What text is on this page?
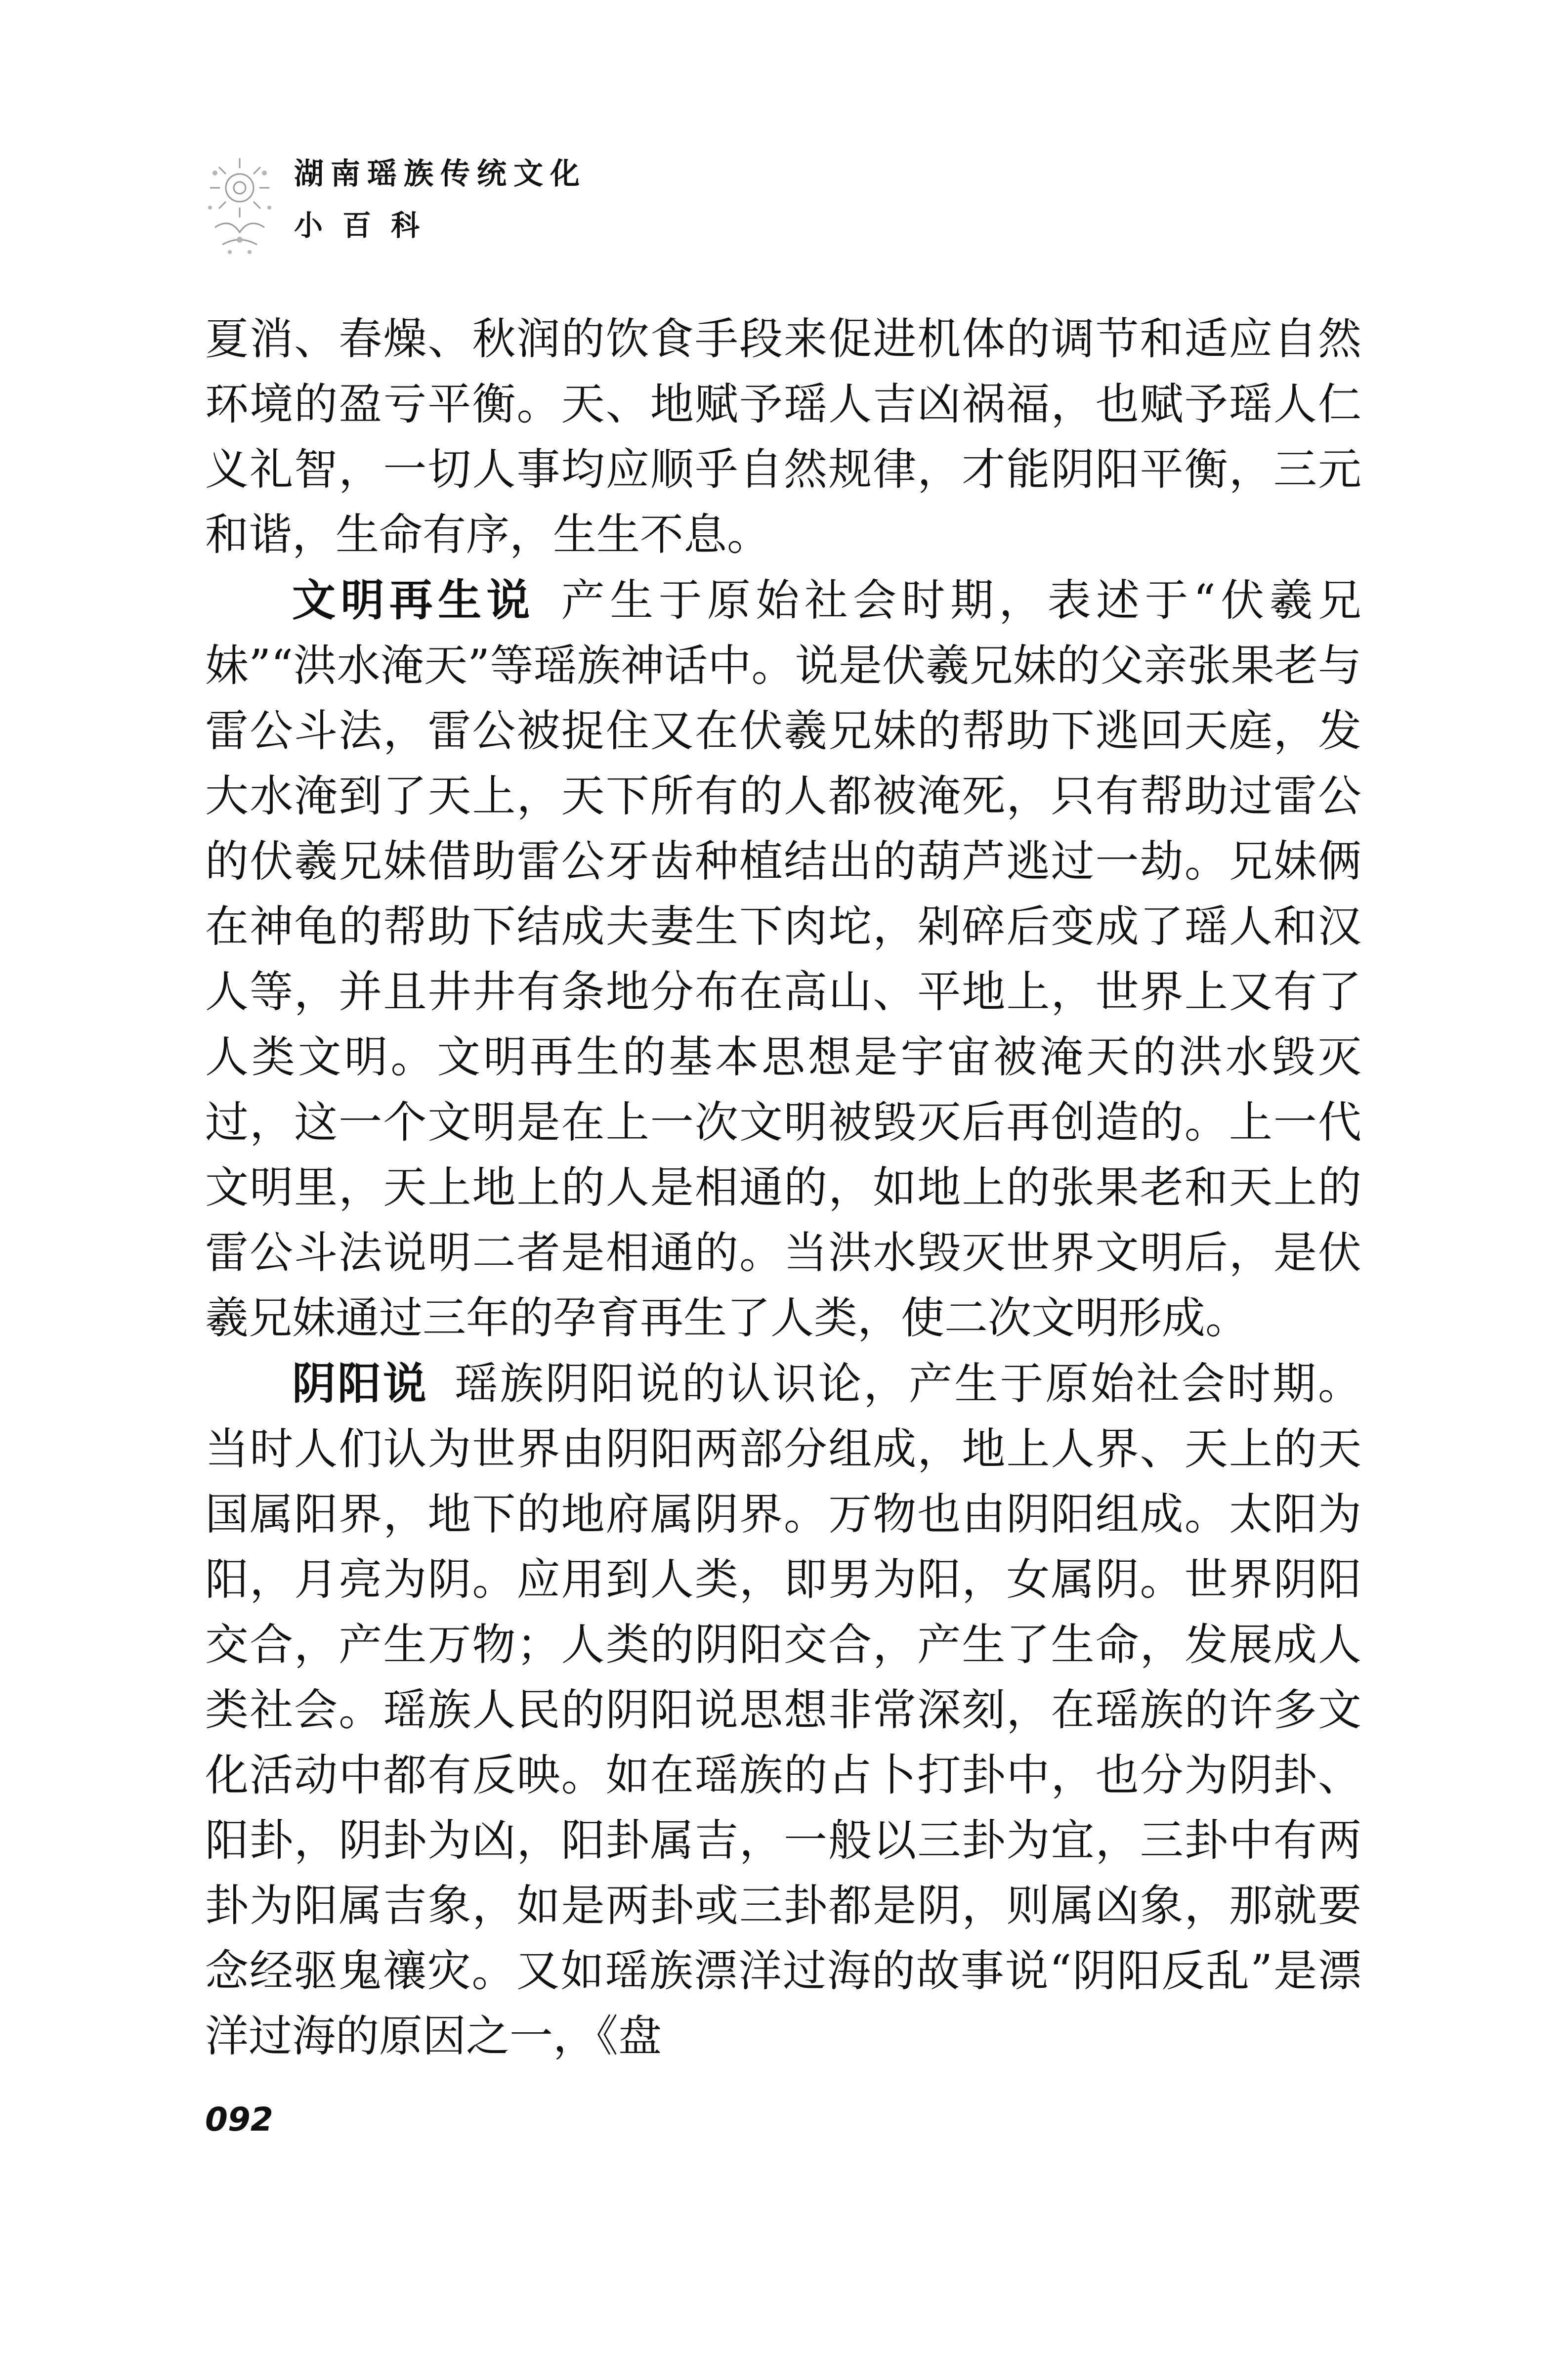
湖南瑶族传统文化
小百科

夏消、春燥、秋润的饮食手段来促进机体的调节和适应自然环境的盈亏平衡。天、地赋予瑶人吉凶祸福，也赋予瑶人仁义礼智，一切人事均应顺乎自然规律，才能阴阳平衡，三元和谐，生命有序，生生不息。

文明再生说 产生于原始社会时期，表述于“伏羲兄妹”“洪水淹天”等瑶族神话中。说是伏羲兄妹的父亲张果老与雷公斗法，雷公被捉住又在伏羲兄妹的帮助下逃回天庭，发大水淹到了天上，天下所有的人都被淹死，只有帮助过雷公的伏羲兄妹借助雷公牙齿种植结出的葫芦逃过一劫。兄妹俩在神龟的帮助下结成夫妻生下肉坨，剁碎后变成了瑶人和汉人等，并且井井有条地分布在高山、平地上，世界上又有了人类文明。文明再生的基本思想是宇宙被淹天的洪水毁灭过，这一个文明是在上一次文明被毁灭后再创造的。上一代文明里，天上地上的人是相通的，如地上的张果老和天上的雷公斗法说明二者是相通的。当洪水毁灭世界文明后，是伏羲兄妹通过三年的孕育再生了人类，使二次文明形成。

阴阳说 瑶族阴阳说的认识论，产生于原始社会时期。当时人们认为世界由阴阳两部分组成，地上人界、天上的天国属阳界，地下的地府属阴界。万物也由阴阳组成。太阳为阳，月亮为阴。应用到人类，即男为阳，女属阴。世界阴阳交合，产生万物；人类的阴阳交合，产生了生命，发展成人类社会。瑶族人民的阴阳说思想非常深刻，在瑶族的许多文化活动中都有反映。如在瑶族的占卜打卦中，也分为阴卦、阳卦，阴卦为凶，阳卦属吉，一般以三卦为宜，三卦中有两卦为阳属吉象，如是两卦或三卦都是阴，则属凶象，那就要念经驱鬼禳灾。又如瑶族漂洋过海的故事说“阴阳反乱”是漂洋过海的原因之一，《盘

092
